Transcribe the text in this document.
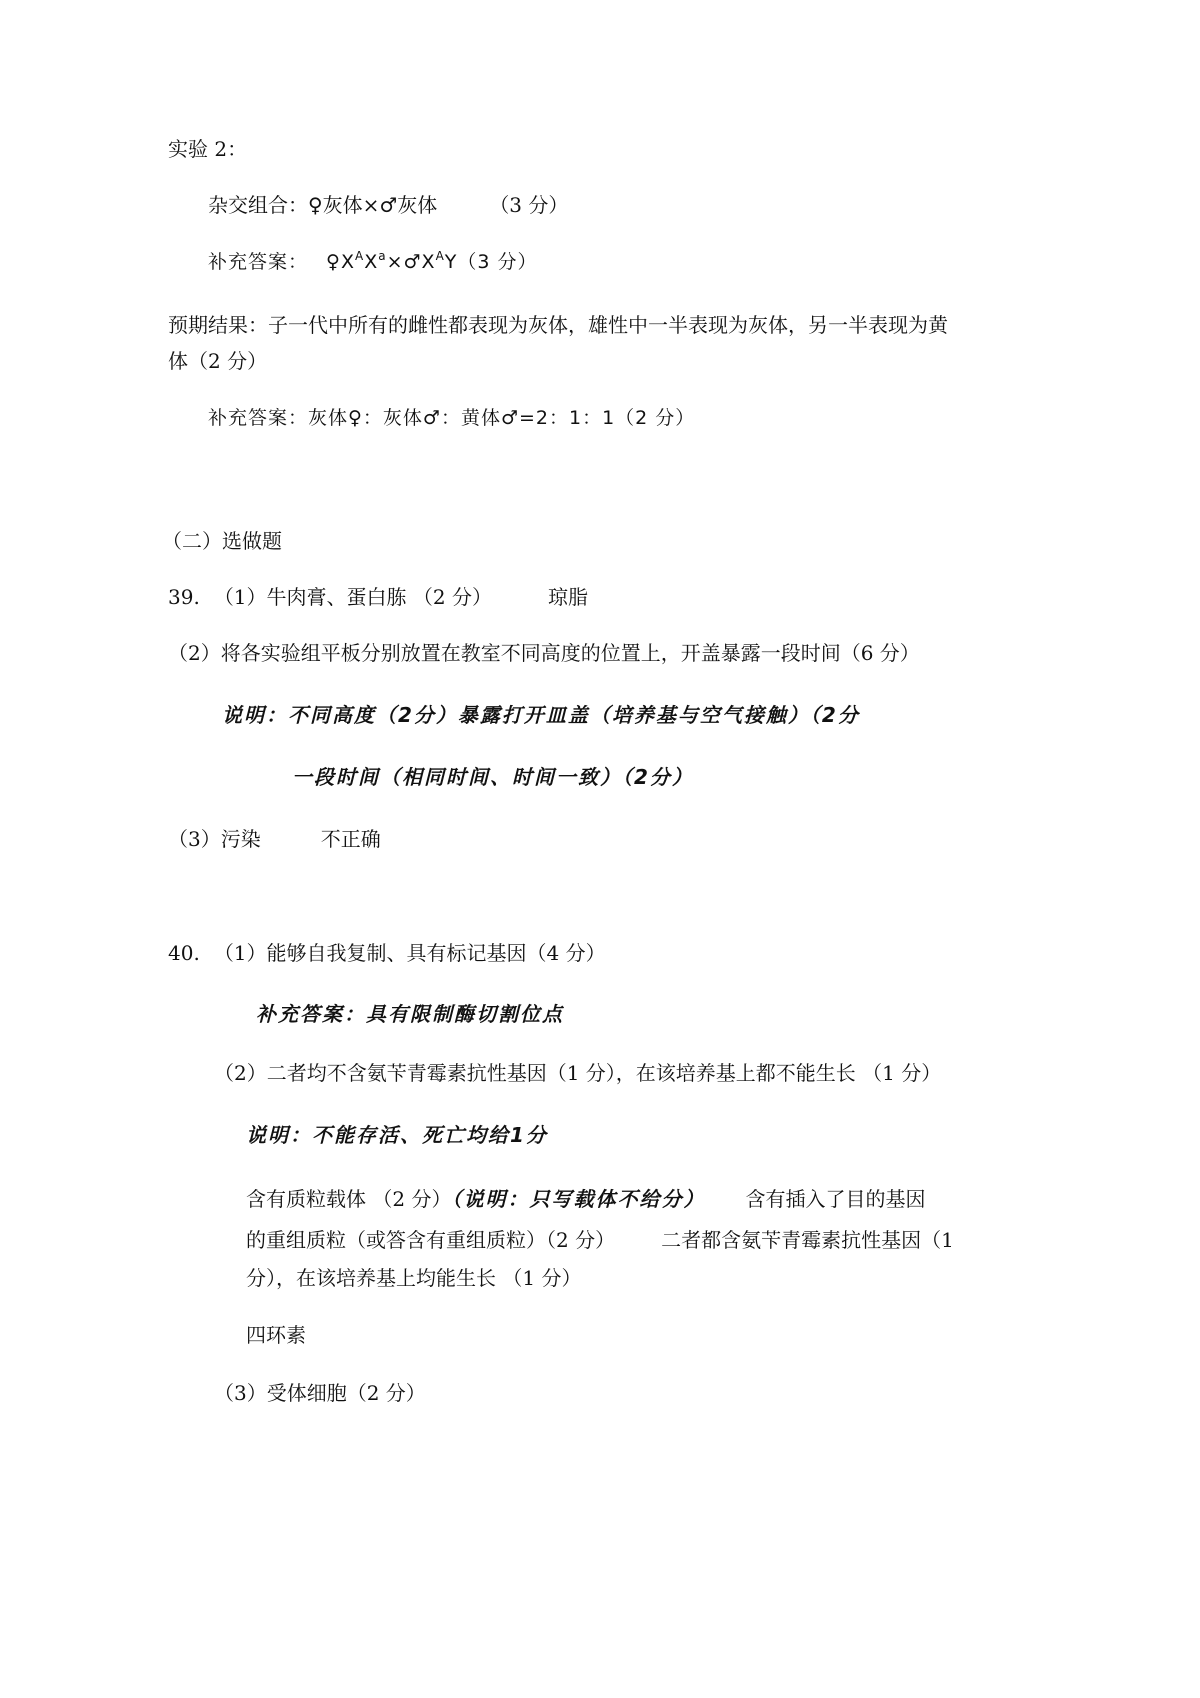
实验 2：
杂交组合：♀灰体×♂灰体	（3 分）
补充答案： $♀X^AX^a\times♂X^AY(3$ 分）
预期结果：子一代中所有的雌性都表现为灰体，雄性中一半表现为灰体，另一半表现为黄
体（2 分）
补充答案：灰体♀：灰体♂：黄体♂=2：1：1（2 分）
（二）选做题
39. （1）牛肉膏、蛋白胨 （2 分）	琼脂
（2）将各实验组平板分别放置在教室不同高度的位置上，开盖暴露一段时间（6 分）
说明：不同高度（2分）暴露打开皿盖（培养基与空气接触）（2分
一段时间（相同时间、时间一致）（2分）
（3）污染	不正确
40. （1）能够自我复制、具有标记基因（4 分）
补充答案：具有限制酶切割位点
（2）二者均不含氨苄青霉素抗性基因（1 分），在该培养基上都不能生长 （1 分）
说明：不能存活、死亡均给1分
含有质粒载体 （2 分）（说明：只写载体不给分） 含有插入了目的基因
的重组质粒（或答含有重组质粒）（2 分） 二者都含氨苄青霉素抗性基因（1
分），在该培养基上均能生长 （1 分）
四环素
（3）受体细胞（2 分）
